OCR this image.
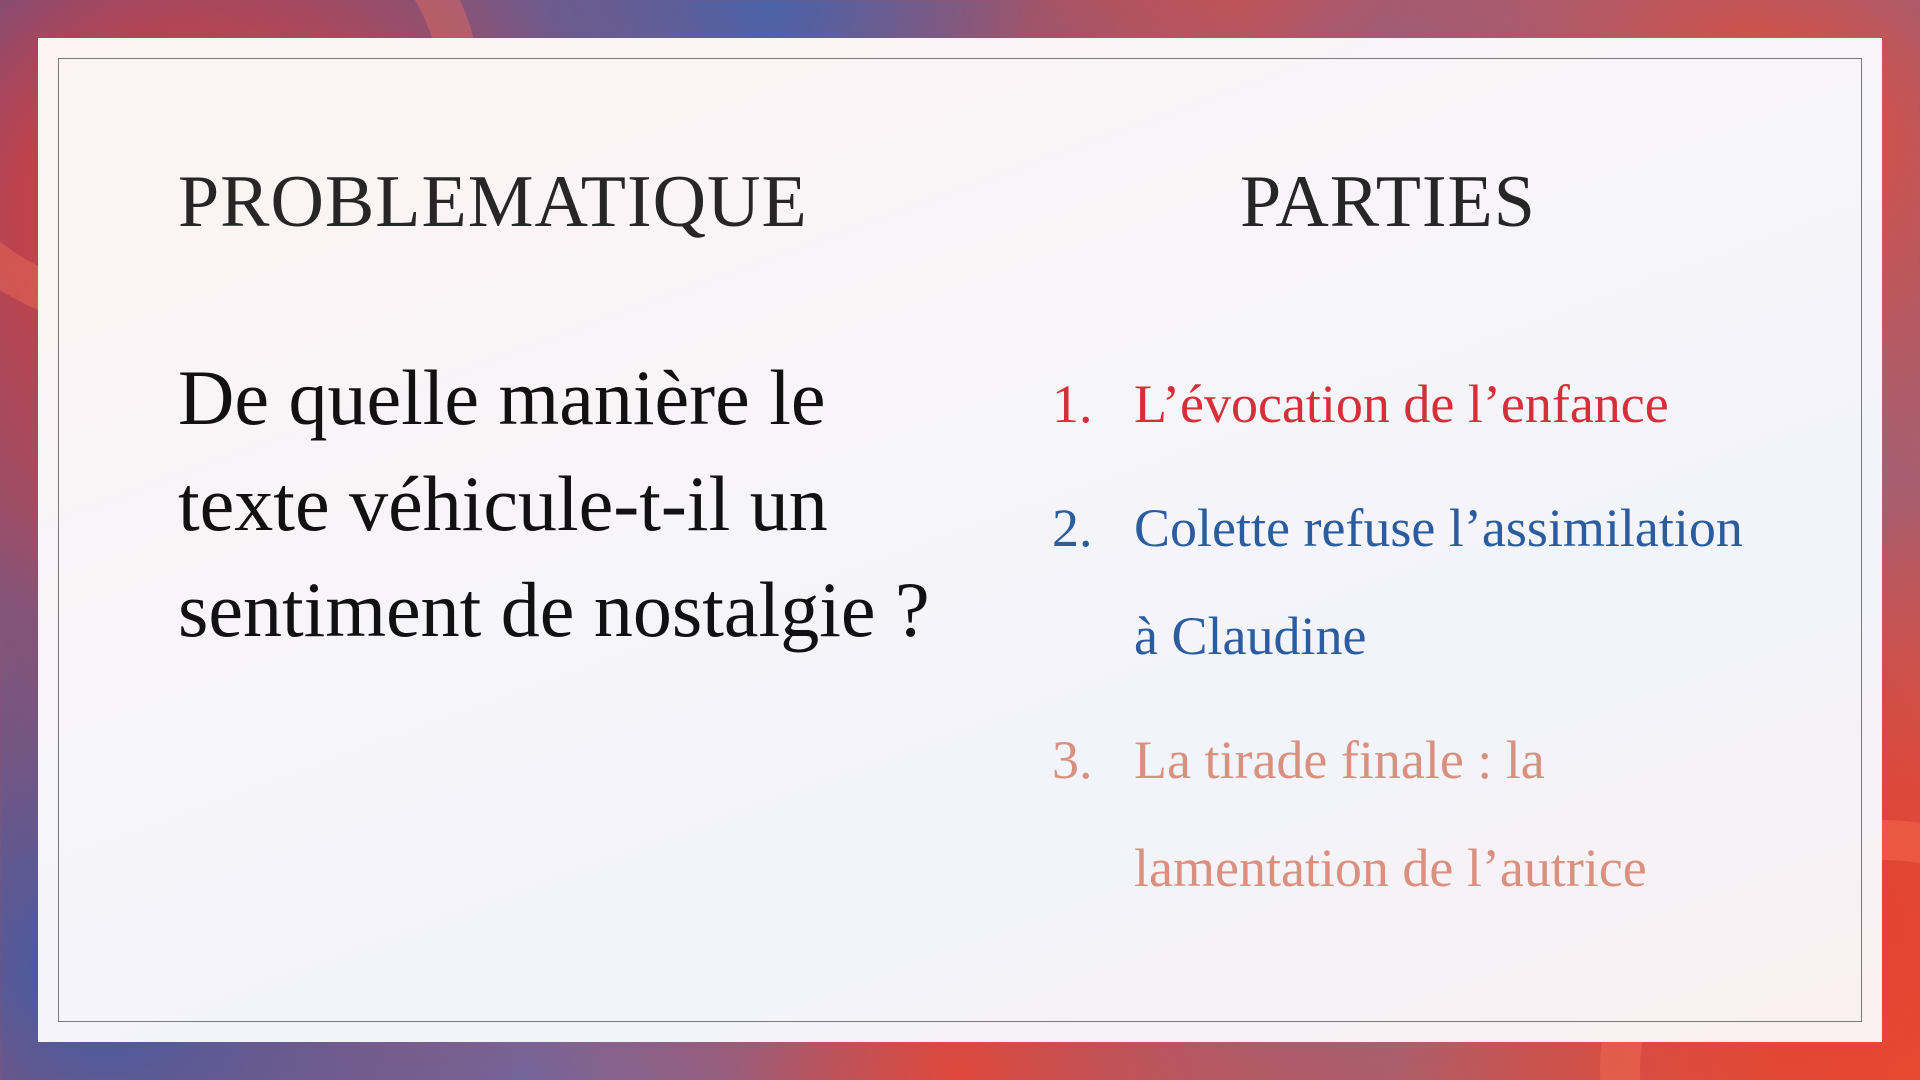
PROBLEMATIQUE	PARTIES
De quelle manière le texte véhicule-t-il un sentiment de nostalgie ?
1. L’évocation de l’enfance
2. Colette refuse l’assimilation à Claudine
3. La tirade finale : la lamentation de l’autrice
